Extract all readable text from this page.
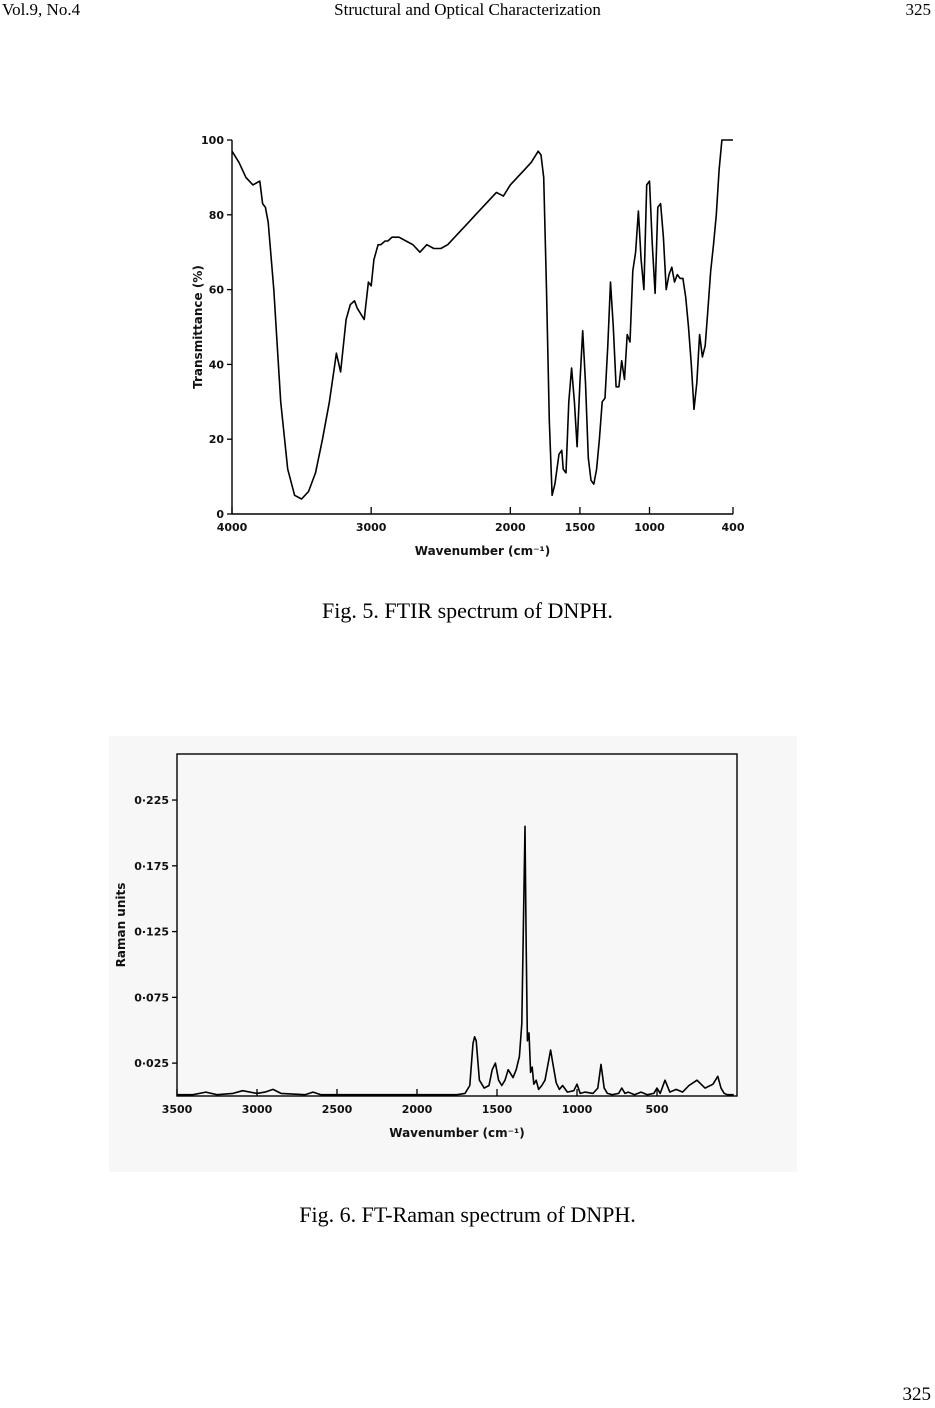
Vol.9, No.4	Structural and Optical Characterization	325
4000	3000	2000	1500	1000	400
0
20
40
60
80
100
Wavenumber (cm⁻¹)
Transmittance (%)
Fig. 5. FTIR spectrum of DNPH.
3500	3000	2500	2000	1500	1000	500
0·025
0·075
0·125
0·175
0·225
Wavenumber (cm⁻¹)
Raman units
Fig. 6. FT-Raman spectrum of DNPH.
325
